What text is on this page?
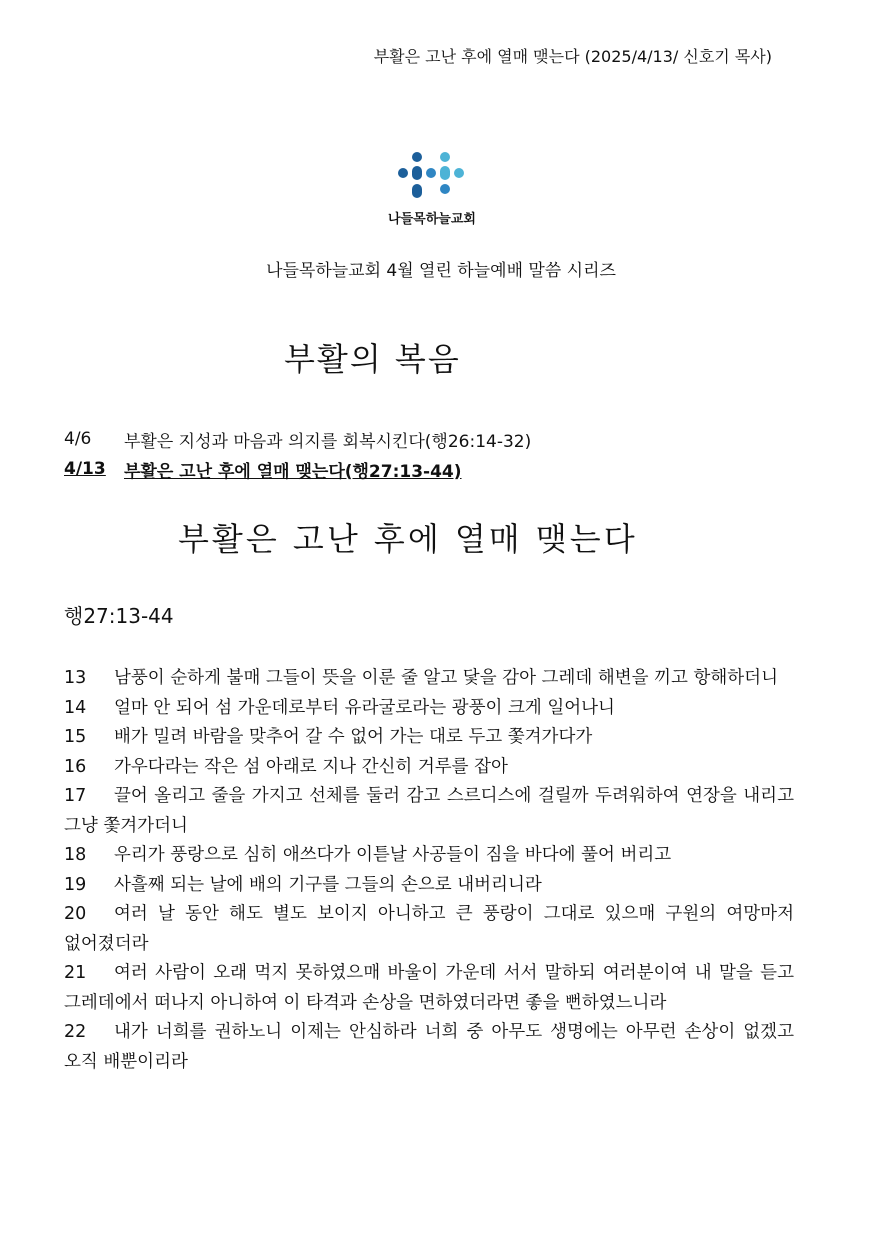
부활은 고난 후에 열매 맺는다 (2025/4/13/ 신호기 목사)
나들목하늘교회
나들목하늘교회 4월 열린 하늘예배 말씀 시리즈
부활의 복음
4/6	부활은 지성과 마음과 의지를 회복시킨다(행26:14-32)
4/13	부활은 고난 후에 열매 맺는다(행27:13-44)
부활은 고난 후에 열매 맺는다
행27:13-44
13 남풍이 순하게 불매 그들이 뜻을 이룬 줄 알고 닻을 감아 그레데 해변을 끼고 항해하더니
14 얼마 안 되어 섬 가운데로부터 유라굴로라는 광풍이 크게 일어나니
15 배가 밀려 바람을 맞추어 갈 수 없어 가는 대로 두고 쫓겨가다가
16 가우다라는 작은 섬 아래로 지나 간신히 거루를 잡아
17 끌어 올리고 줄을 가지고 선체를 둘러 감고 스르디스에 걸릴까 두려워하여 연장을 내리고 그냥 쫓겨가더니
18 우리가 풍랑으로 심히 애쓰다가 이튿날 사공들이 짐을 바다에 풀어 버리고
19 사흘째 되는 날에 배의 기구를 그들의 손으로 내버리니라
20 여러 날 동안 해도 별도 보이지 아니하고 큰 풍랑이 그대로 있으매 구원의 여망마저 없어졌더라
21 여러 사람이 오래 먹지 못하였으매 바울이 가운데 서서 말하되 여러분이여 내 말을 듣고 그레데에서 떠나지 아니하여 이 타격과 손상을 면하였더라면 좋을 뻔하였느니라
22 내가 너희를 권하노니 이제는 안심하라 너희 중 아무도 생명에는 아무런 손상이 없겠고 오직 배뿐이리라
